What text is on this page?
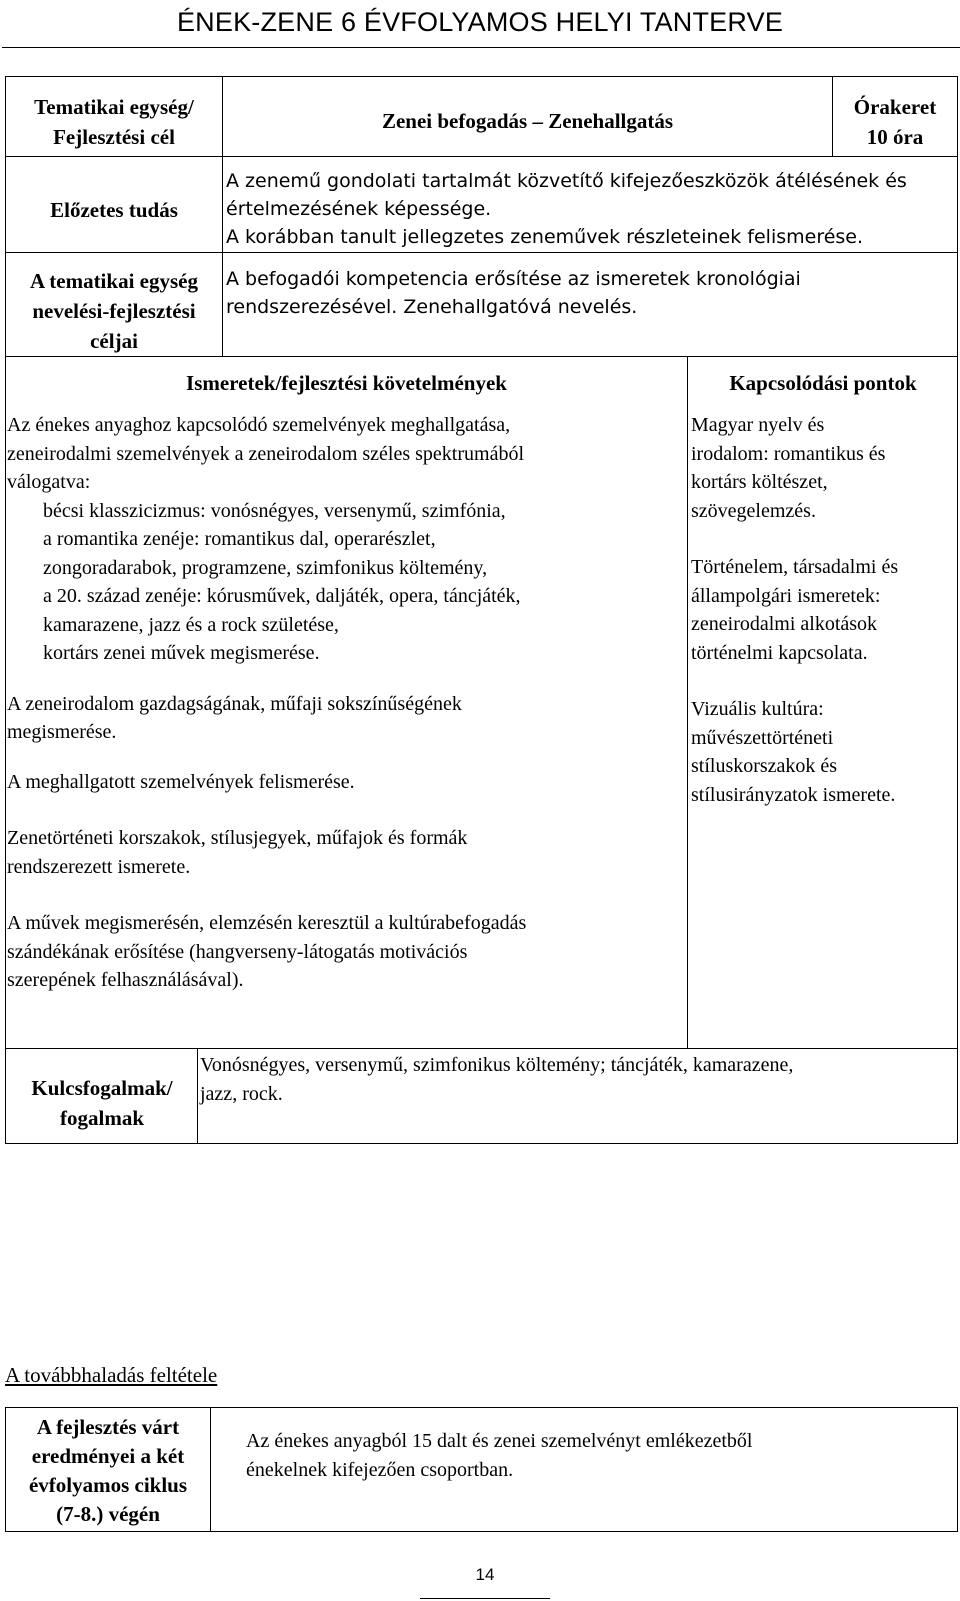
ÉNEK-ZENE 6 ÉVFOLYAMOS HELYI TANTERVE
Tematikai egység/
Fejlesztési cél
Zenei befogadás – Zenehallgatás
Órakeret
10 óra
Előzetes tudás
A zenemű gondolati tartalmát közvetítő kifejezőeszközök átélésének és
értelmezésének képessége.
A korábban tanult jellegzetes zeneművek részleteinek felismerése.
A tematikai egység
nevelési-fejlesztési
céljai
A befogadói kompetencia erősítése az ismeretek kronológiai
rendszerezésével. Zenehallgatóvá nevelés.
Ismeretek/fejlesztési követelmények	Kapcsolódási pontok
Az énekes anyaghoz kapcsolódó szemelvények meghallgatása,
zeneirodalmi szemelvények a zeneirodalom széles spektrumából
válogatva:
bécsi klasszicizmus: vonósnégyes, versenymű, szimfónia,
a romantika zenéje: romantikus dal, operarészlet,
zongoradarabok, programzene, szimfonikus költemény,
a 20. század zenéje: kórusművek, daljáték, opera, táncjáték,
kamarazene, jazz és a rock születése,
kortárs zenei művek megismerése.
A zeneirodalom gazdagságának, műfaji sokszínűségének
megismerése.
A meghallgatott szemelvények felismerése.
Zenetörténeti korszakok, stílusjegyek, műfajok és formák
rendszerezett ismerete.
A művek megismerésén, elemzésén keresztül a kultúrabefogadás
szándékának erősítése (hangverseny-látogatás motivációs
szerepének felhasználásával).
Magyar nyelv és
irodalom: romantikus és
kortárs költészet,
szövegelemzés.
Történelem, társadalmi és
állampolgári ismeretek:
zeneirodalmi alkotások
történelmi kapcsolata.
Vizuális kultúra:
művészettörténeti
stíluskorszakok és
stílusirányzatok ismerete.
Kulcsfogalmak/
fogalmak
Vonósnégyes, versenymű, szimfonikus költemény; táncjáték, kamarazene,
jazz, rock.
A továbbhaladás feltétele
A fejlesztés várt
eredményei a két
évfolyamos ciklus
(7-8.) végén
Az énekes anyagból 15 dalt és zenei szemelvényt emlékezetből
énekelnek kifejezően csoportban.
14
